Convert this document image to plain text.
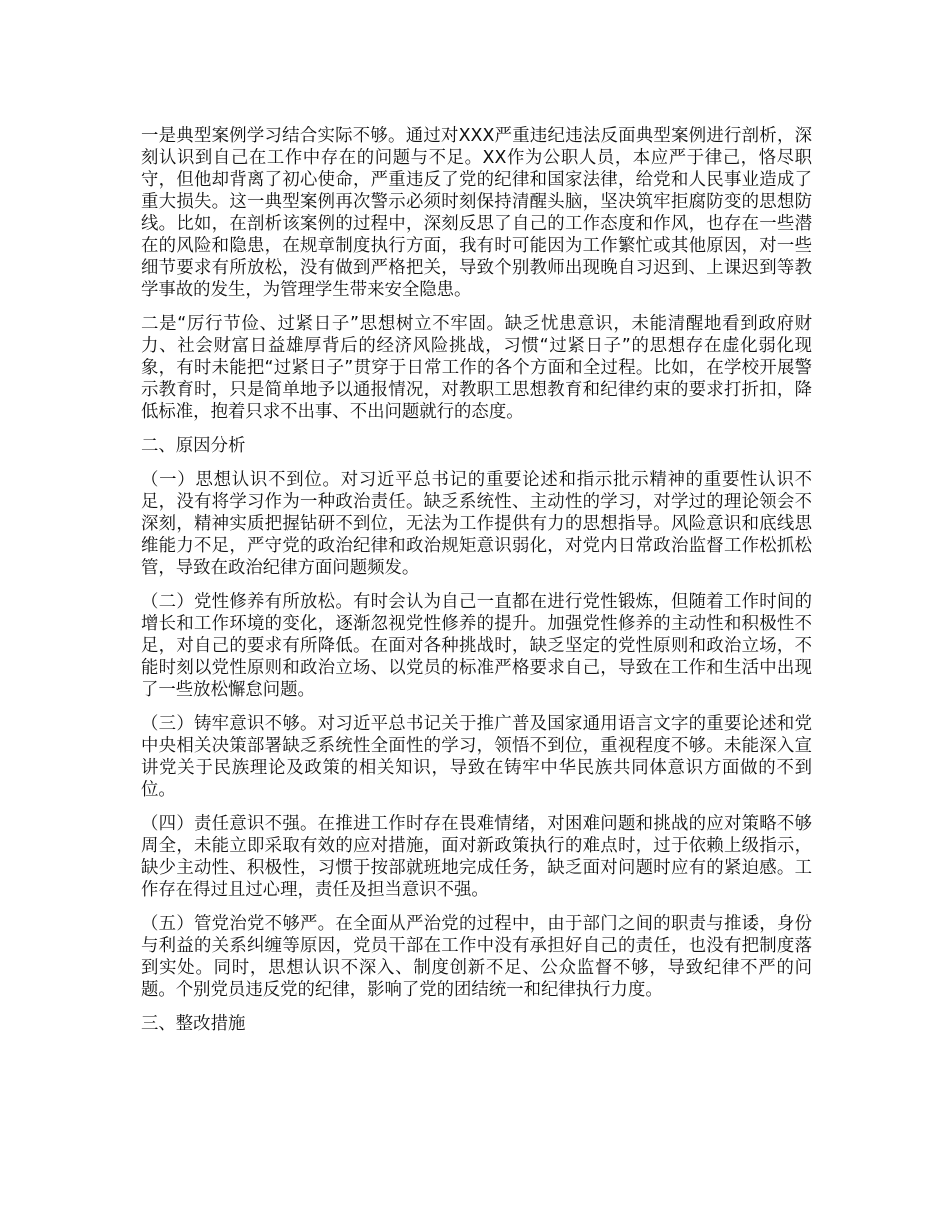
一是典型案例学习结合实际不够。通过对XXX严重违纪违法反面典型案例进行剖析，深刻认识到自己在工作中存在的问题与不足。XX作为公职人员，本应严于律己，恪尽职守，但他却背离了初心使命，严重违反了党的纪律和国家法律，给党和人民事业造成了重大损失。这一典型案例再次警示必须时刻保持清醒头脑，坚决筑牢拒腐防变的思想防线。比如，在剖析该案例的过程中，深刻反思了自己的工作态度和作风，也存在一些潜在的风险和隐患，在规章制度执行方面，我有时可能因为工作繁忙或其他原因，对一些细节要求有所放松，没有做到严格把关，导致个别教师出现晚自习迟到、上课迟到等教学事故的发生，为管理学生带来安全隐患。

二是“厉行节俭、过紧日子”思想树立不牢固。缺乏忧患意识，未能清醒地看到政府财力、社会财富日益雄厚背后的经济风险挑战，习惯“过紧日子”的思想存在虚化弱化现象，有时未能把“过紧日子”贯穿于日常工作的各个方面和全过程。比如，在学校开展警示教育时，只是简单地予以通报情况，对教职工思想教育和纪律约束的要求打折扣，降低标准，抱着只求不出事、不出问题就行的态度。

二、原因分析

（一）思想认识不到位。对习近平总书记的重要论述和指示批示精神的重要性认识不足，没有将学习作为一种政治责任。缺乏系统性、主动性的学习，对学过的理论领会不深刻，精神实质把握钻研不到位，无法为工作提供有力的思想指导。风险意识和底线思维能力不足，严守党的政治纪律和政治规矩意识弱化，对党内日常政治监督工作松抓松管，导致在政治纪律方面问题频发。

（二）党性修养有所放松。有时会认为自己一直都在进行党性锻炼，但随着工作时间的增长和工作环境的变化，逐渐忽视党性修养的提升。加强党性修养的主动性和积极性不足，对自己的要求有所降低。在面对各种挑战时，缺乏坚定的党性原则和政治立场，不能时刻以党性原则和政治立场、以党员的标准严格要求自己，导致在工作和生活中出现了一些放松懈怠问题。

（三）铸牢意识不够。对习近平总书记关于推广普及国家通用语言文字的重要论述和党中央相关决策部署缺乏系统性全面性的学习，领悟不到位，重视程度不够。未能深入宣讲党关于民族理论及政策的相关知识，导致在铸牢中华民族共同体意识方面做的不到位。

（四）责任意识不强。在推进工作时存在畏难情绪，对困难问题和挑战的应对策略不够周全，未能立即采取有效的应对措施，面对新政策执行的难点时，过于依赖上级指示，缺少主动性、积极性，习惯于按部就班地完成任务，缺乏面对问题时应有的紧迫感。工作存在得过且过心理，责任及担当意识不强。

（五）管党治党不够严。在全面从严治党的过程中，由于部门之间的职责与推诿，身份与利益的关系纠缠等原因，党员干部在工作中没有承担好自己的责任，也没有把制度落到实处。同时，思想认识不深入、制度创新不足、公众监督不够，导致纪律不严的问题。个别党员违反党的纪律，影响了党的团结统一和纪律执行力度。

三、整改措施
